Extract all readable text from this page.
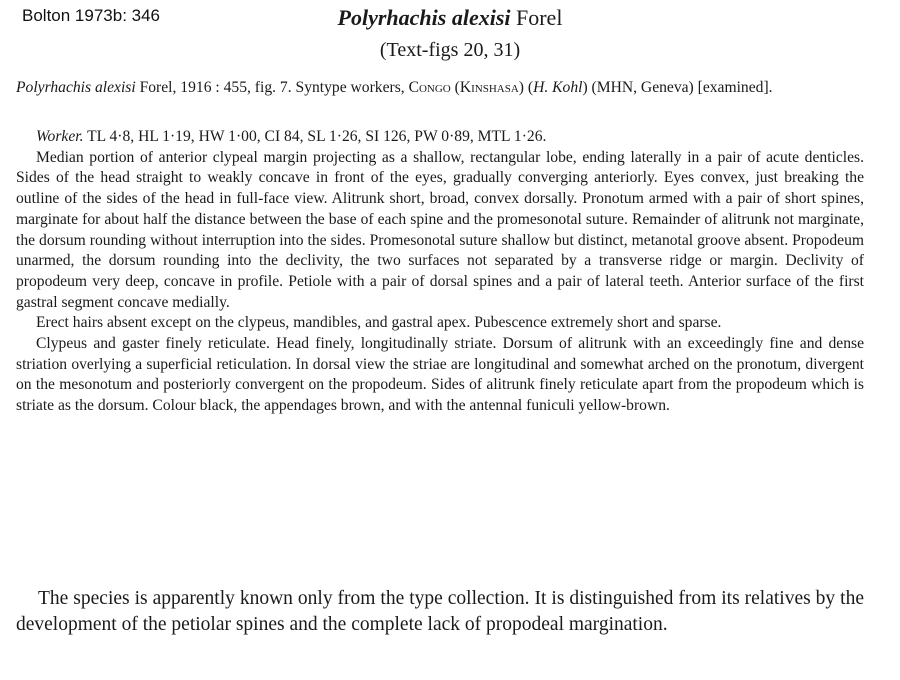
Bolton 1973b: 346	Polyrhachis alexisi Forel
(Text-figs 20, 31)
Polyrhachis alexisi Forel, 1916 : 455, fig. 7. Syntype workers, Congo (Kinshasa) (H. Kohl) (MHN, Geneva) [examined].

Worker. TL 4·8, HL 1·19, HW 1·00, CI 84, SL 1·26, SI 126, PW 0·89, MTL 1·26.

Median portion of anterior clypeal margin projecting as a shallow, rectangular lobe, ending laterally in a pair of acute denticles. Sides of the head straight to weakly concave in front of the eyes, gradually converging anteriorly. Eyes convex, just breaking the outline of the sides of the head in full-face view. Alitrunk short, broad, convex dorsally. Pronotum armed with a pair of short spines, marginate for about half the distance between the base of each spine and the promesonotal suture. Remainder of alitrunk not marginate, the dorsum rounding without interruption into the sides. Promesonotal suture shallow but distinct, metanotal groove absent. Propodeum unarmed, the dorsum rounding into the declivity, the two surfaces not separated by a transverse ridge or margin. Declivity of propodeum very deep, concave in profile. Petiole with a pair of dorsal spines and a pair of lateral teeth. Anterior surface of the first gastral segment concave medially.

Erect hairs absent except on the clypeus, mandibles, and gastral apex. Pubescence extremely short and sparse.

Clypeus and gaster finely reticulate. Head finely, longitudinally striate. Dorsum of alitrunk with an exceedingly fine and dense striation overlying a superficial reticulation. In dorsal view the striae are longitudinal and somewhat arched on the pronotum, divergent on the mesonotum and posteriorly convergent on the propodeum. Sides of alitrunk finely reticulate apart from the propodeum which is striate as the dorsum. Colour black, the appendages brown, and with the antennal funiculi yellow-brown.

The species is apparently known only from the type collection. It is distinguished from its relatives by the development of the petiolar spines and the complete lack of propodeal margination.
